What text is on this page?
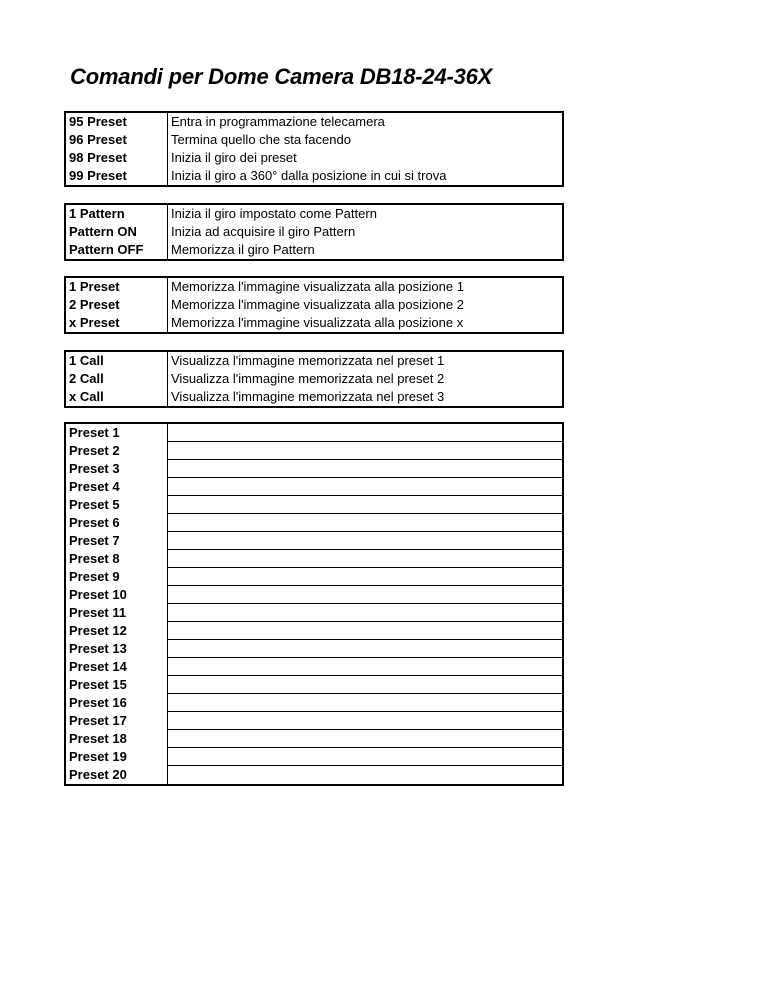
Comandi per Dome Camera DB18-24-36X
95 Preset
96 Preset
98 Preset
99 Preset
Entra in programmazione telecamera
Termina quello che sta facendo
Inizia il giro dei preset
Inizia il giro a 360° dalla posizione in cui si trova
1 Pattern
Pattern ON
Pattern OFF
Inizia il giro impostato come Pattern
Inizia ad acquisire il giro Pattern
Memorizza il giro Pattern
1 Preset
2 Preset
x Preset
Memorizza l'immagine visualizzata alla posizione 1
Memorizza l'immagine visualizzata alla posizione 2
Memorizza l'immagine visualizzata alla posizione x
1 Call
2 Call
x Call
Visualizza l'immagine memorizzata nel preset 1
Visualizza l'immagine memorizzata nel preset 2
Visualizza l'immagine memorizzata nel preset 3
Preset 1
Preset 2
Preset 3
Preset 4
Preset 5
Preset 6
Preset 7
Preset 8
Preset 9
Preset 10
Preset 11
Preset 12
Preset 13
Preset 14
Preset 15
Preset 16
Preset 17
Preset 18
Preset 19
Preset 20
